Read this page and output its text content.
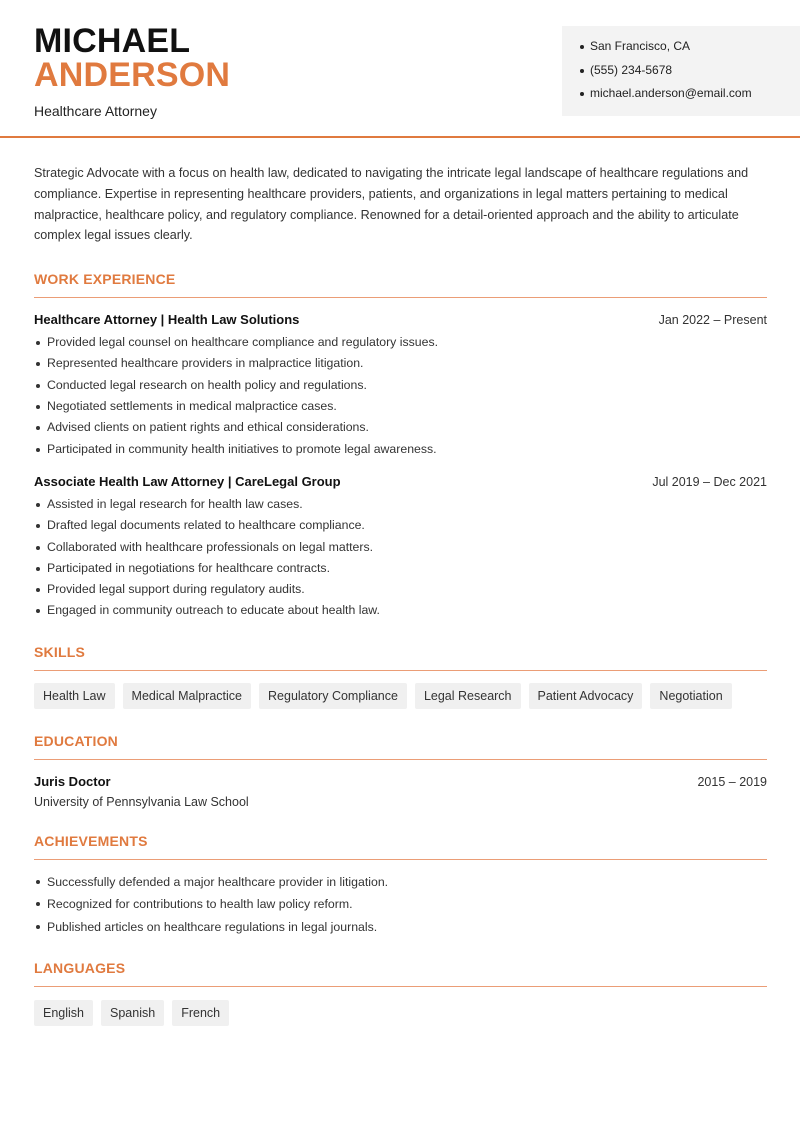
MICHAEL
ANDERSON
Healthcare Attorney
San Francisco, CA
(555) 234-5678
michael.anderson@email.com

Strategic Advocate with a focus on health law, dedicated to navigating the intricate legal landscape of healthcare regulations and compliance. Expertise in representing healthcare providers, patients, and organizations in legal matters pertaining to medical malpractice, healthcare policy, and regulatory compliance. Renowned for a detail-oriented approach and the ability to articulate complex legal issues clearly.

WORK EXPERIENCE
Healthcare Attorney | Health Law Solutions	Jan 2022 – Present
Provided legal counsel on healthcare compliance and regulatory issues.
Represented healthcare providers in malpractice litigation.
Conducted legal research on health policy and regulations.
Negotiated settlements in medical malpractice cases.
Advised clients on patient rights and ethical considerations.
Participated in community health initiatives to promote legal awareness.
Associate Health Law Attorney | CareLegal Group	Jul 2019 – Dec 2021
Assisted in legal research for health law cases.
Drafted legal documents related to healthcare compliance.
Collaborated with healthcare professionals on legal matters.
Participated in negotiations for healthcare contracts.
Provided legal support during regulatory audits.
Engaged in community outreach to educate about health law.
SKILLS
Health Law	Medical Malpractice	Regulatory Compliance	Legal Research	Patient Advocacy	Negotiation
EDUCATION
Juris Doctor	2015 – 2019
University of Pennsylvania Law School
ACHIEVEMENTS
Successfully defended a major healthcare provider in litigation.
Recognized for contributions to health law policy reform.
Published articles on healthcare regulations in legal journals.
LANGUAGES
English	Spanish	French
